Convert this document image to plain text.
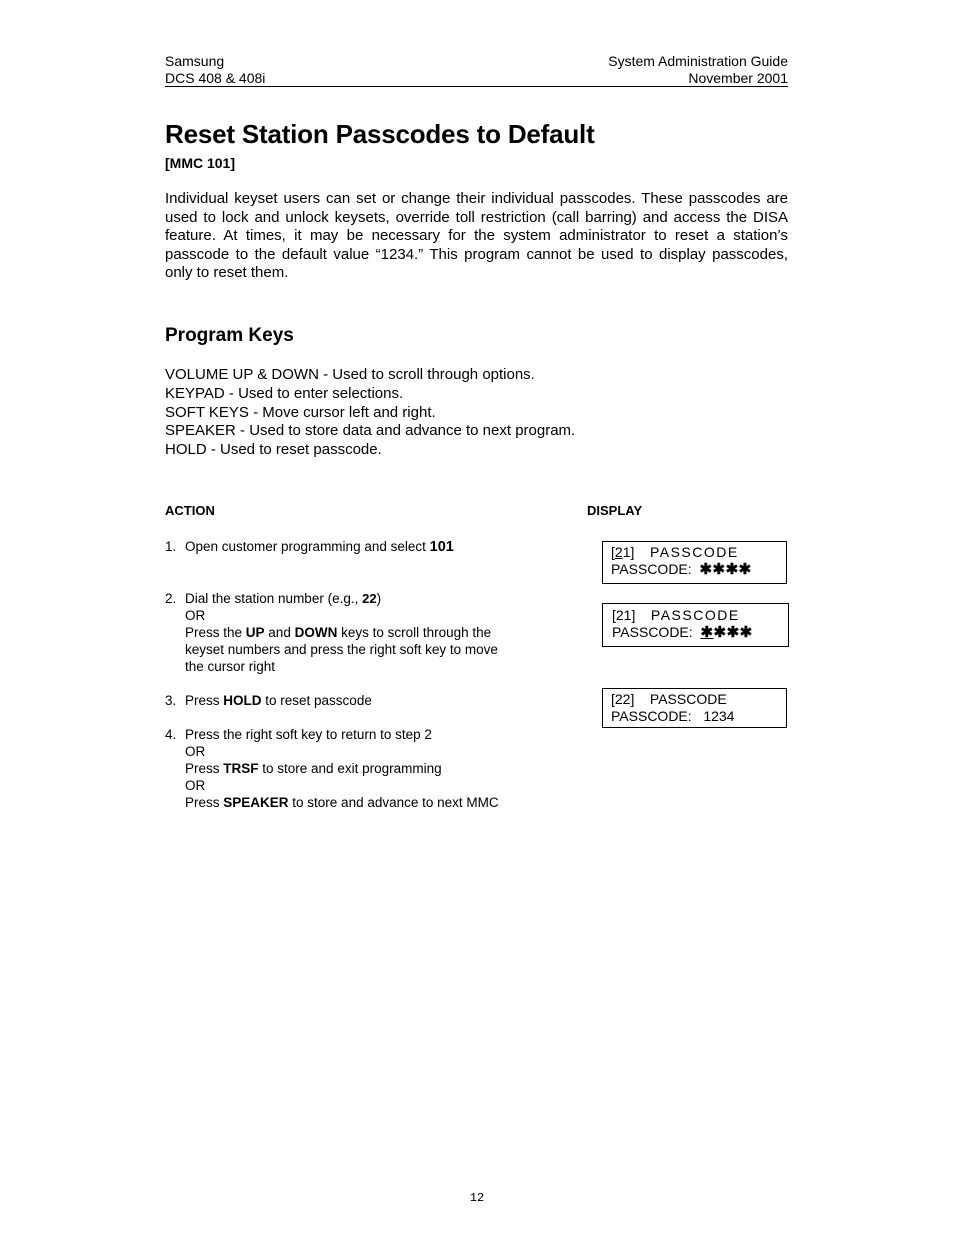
Samsung
DCS 408 & 408i
System Administration Guide
November 2001
Reset Station Passcodes to Default
[MMC 101]

Individual keyset users can set or change their individual passcodes. These passcodes are used to lock and unlock keysets, override toll restriction (call barring) and access the DISA feature. At times, it may be necessary for the system administrator to reset a station’s passcode to the default value “1234.” This program cannot be used to display passcodes, only to reset them.

Program Keys
VOLUME UP & DOWN - Used to scroll through options.
KEYPAD - Used to enter selections.
SOFT KEYS - Move cursor left and right.
SPEAKER - Used to store data and advance to next program.
HOLD - Used to reset passcode.
ACTION	DISPLAY
1. Open customer programming and select 101
2. Dial the station number (e.g., 22)
OR
Press the UP and DOWN keys to scroll through the
keyset numbers and press the right soft key to move
the cursor right
3. Press HOLD to reset passcode
4. Press the right soft key to return to step 2
OR
Press TRSF to store and exit programming
OR
Press SPEAKER to store and advance to next MMC
[21] PASSCODE
PASSCODE: ✱✱✱✱
[21] PASSCODE
PASSCODE: ✱✱✱✱
[22] PASSCODE
PASSCODE: 1234
12
